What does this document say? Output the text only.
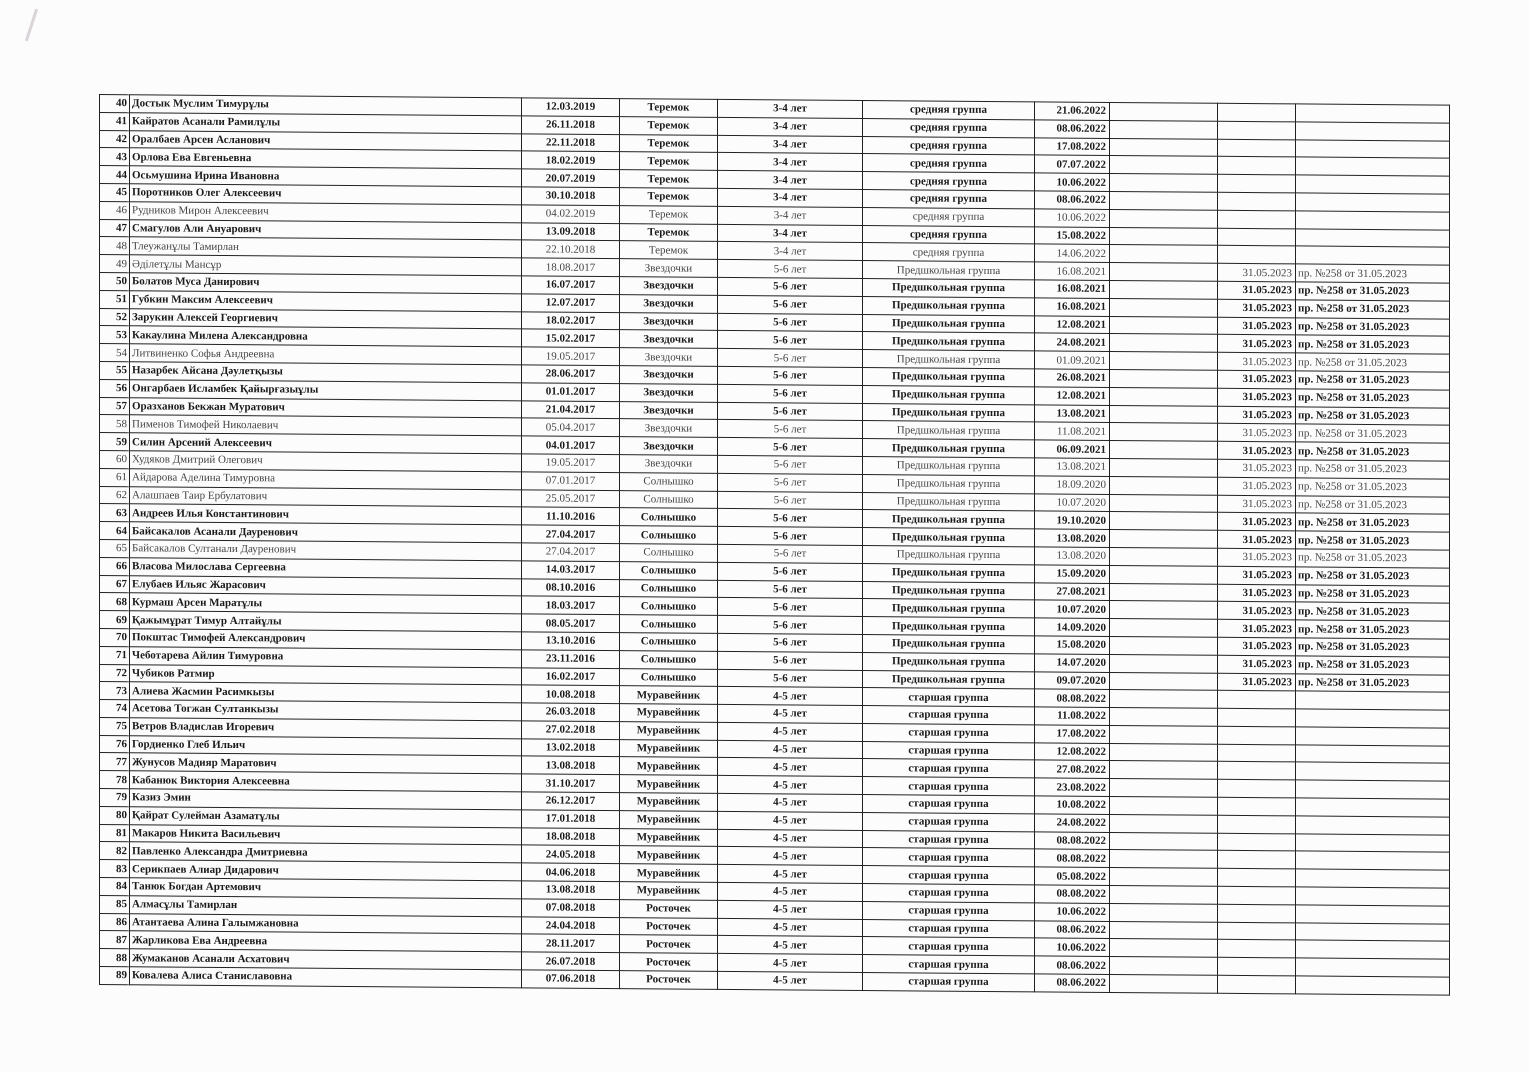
40	Достык Муслим Тимурұлы	12.03.2019	Теремок	3-4 лет	средняя группа	21.06.2022			
41	Кайратов Асанали Рамилұлы	26.11.2018	Теремок	3-4 лет	средняя группа	08.06.2022			
42	Оралбаев Арсен Асланович	22.11.2018	Теремок	3-4 лет	средняя группа	17.08.2022			
43	Орлова Ева Евгеньевна	18.02.2019	Теремок	3-4 лет	средняя группа	07.07.2022			
44	Осьмушина Ирина Ивановна	20.07.2019	Теремок	3-4 лет	средняя группа	10.06.2022			
45	Поротников Олег Алексеевич	30.10.2018	Теремок	3-4 лет	средняя группа	08.06.2022			
46	Рудников Мирон Алексеевич	04.02.2019	Теремок	3-4 лет	средняя группа	10.06.2022			
47	Смагулов Али Ануарович	13.09.2018	Теремок	3-4 лет	средняя группа	15.08.2022			
48	Тлеужанұлы Тамирлан	22.10.2018	Теремок	3-4 лет	средняя группа	14.06.2022			
49	Әділетұлы Мансұр	18.08.2017	Звездочки	5-6 лет	Предшкольная группа	16.08.2021		31.05.2023	пр. №258 от 31.05.2023
50	Болатов Муса Данирович	16.07.2017	Звездочки	5-6 лет	Предшкольная группа	16.08.2021		31.05.2023	пр. №258 от 31.05.2023
51	Губкин Максим Алексеевич	12.07.2017	Звездочки	5-6 лет	Предшкольная группа	16.08.2021		31.05.2023	пр. №258 от 31.05.2023
52	Зарукин Алексей Георгиевич	18.02.2017	Звездочки	5-6 лет	Предшкольная группа	12.08.2021		31.05.2023	пр. №258 от 31.05.2023
53	Какаулина Милена Александровна	15.02.2017	Звездочки	5-6 лет	Предшкольная группа	24.08.2021		31.05.2023	пр. №258 от 31.05.2023
54	Литвиненко Софья Андреевна	19.05.2017	Звездочки	5-6 лет	Предшкольная группа	01.09.2021		31.05.2023	пр. №258 от 31.05.2023
55	Назарбек Айсана Дәулетқызы	28.06.2017	Звездочки	5-6 лет	Предшкольная группа	26.08.2021		31.05.2023	пр. №258 от 31.05.2023
56	Онгарбаев Исламбек Қайырғазыұлы	01.01.2017	Звездочки	5-6 лет	Предшкольная группа	12.08.2021		31.05.2023	пр. №258 от 31.05.2023
57	Оразханов Бекжан Муратович	21.04.2017	Звездочки	5-6 лет	Предшкольная группа	13.08.2021		31.05.2023	пр. №258 от 31.05.2023
58	Пименов Тимофей Николаевич	05.04.2017	Звездочки	5-6 лет	Предшкольная группа	11.08.2021		31.05.2023	пр. №258 от 31.05.2023
59	Силин Арсений Алексеевич	04.01.2017	Звездочки	5-6 лет	Предшкольная группа	06.09.2021		31.05.2023	пр. №258 от 31.05.2023
60	Худяков Дмитрий Олегович	19.05.2017	Звездочки	5-6 лет	Предшкольная группа	13.08.2021		31.05.2023	пр. №258 от 31.05.2023
61	Айдарова Аделина Тимуровна	07.01.2017	Солнышко	5-6 лет	Предшкольная группа	18.09.2020		31.05.2023	пр. №258 от 31.05.2023
62	Алашпаев Таир Ербулатович	25.05.2017	Солнышко	5-6 лет	Предшкольная группа	10.07.2020		31.05.2023	пр. №258 от 31.05.2023
63	Андреев Илья Константинович	11.10.2016	Солнышко	5-6 лет	Предшкольная группа	19.10.2020		31.05.2023	пр. №258 от 31.05.2023
64	Байсакалов Асанали Дауренович	27.04.2017	Солнышко	5-6 лет	Предшкольная группа	13.08.2020		31.05.2023	пр. №258 от 31.05.2023
65	Байсакалов Султанали Дауренович	27.04.2017	Солнышко	5-6 лет	Предшкольная группа	13.08.2020		31.05.2023	пр. №258 от 31.05.2023
66	Власова Милослава Сергеевна	14.03.2017	Солнышко	5-6 лет	Предшкольная группа	15.09.2020		31.05.2023	пр. №258 от 31.05.2023
67	Елубаев Ильяс Жарасович	08.10.2016	Солнышко	5-6 лет	Предшкольная группа	27.08.2021		31.05.2023	пр. №258 от 31.05.2023
68	Курмаш Арсен Маратұлы	18.03.2017	Солнышко	5-6 лет	Предшкольная группа	10.07.2020		31.05.2023	пр. №258 от 31.05.2023
69	Қажымұрат Тимур Алтайұлы	08.05.2017	Солнышко	5-6 лет	Предшкольная группа	14.09.2020		31.05.2023	пр. №258 от 31.05.2023
70	Покштас Тимофей Александрович	13.10.2016	Солнышко	5-6 лет	Предшкольная группа	15.08.2020		31.05.2023	пр. №258 от 31.05.2023
71	Чеботарева Айлин Тимуровна	23.11.2016	Солнышко	5-6 лет	Предшкольная группа	14.07.2020		31.05.2023	пр. №258 от 31.05.2023
72	Чубиков Ратмир	16.02.2017	Солнышко	5-6 лет	Предшкольная группа	09.07.2020		31.05.2023	пр. №258 от 31.05.2023
73	Алиева Жасмин Расимкызы	10.08.2018	Муравейник	4-5 лет	старшая группа	08.08.2022			
74	Асетова Тогжан Султанкызы	26.03.2018	Муравейник	4-5 лет	старшая группа	11.08.2022			
75	Ветров Владислав Игоревич	27.02.2018	Муравейник	4-5 лет	старшая группа	17.08.2022			
76	Гордиенко Глеб Ильич	13.02.2018	Муравейник	4-5 лет	старшая группа	12.08.2022			
77	Жунусов Мадияр Маратович	13.08.2018	Муравейник	4-5 лет	старшая группа	27.08.2022			
78	Кабанюк Виктория Алексеевна	31.10.2017	Муравейник	4-5 лет	старшая группа	23.08.2022			
79	Казиз Эмин	26.12.2017	Муравейник	4-5 лет	старшая группа	10.08.2022			
80	Қайрат Сулейман Азаматұлы	17.01.2018	Муравейник	4-5 лет	старшая группа	24.08.2022			
81	Макаров Никита Васильевич	18.08.2018	Муравейник	4-5 лет	старшая группа	08.08.2022			
82	Павленко Александра Дмитриевна	24.05.2018	Муравейник	4-5 лет	старшая группа	08.08.2022			
83	Серикпаев Алиар Дидарович	04.06.2018	Муравейник	4-5 лет	старшая группа	05.08.2022			
84	Танюк Богдан Артемович	13.08.2018	Муравейник	4-5 лет	старшая группа	08.08.2022			
85	Алмасұлы Тамирлан	07.08.2018	Росточек	4-5 лет	старшая группа	10.06.2022			
86	Атантаева Алина Галымжановна	24.04.2018	Росточек	4-5 лет	старшая группа	08.06.2022			
87	Жарликова Ева Андреевна	28.11.2017	Росточек	4-5 лет	старшая группа	10.06.2022			
88	Жумаканов Асанали Асхатович	26.07.2018	Росточек	4-5 лет	старшая группа	08.06.2022			
89	Ковалева Алиса Станиславовна	07.06.2018	Росточек	4-5 лет	старшая группа	08.06.2022			
